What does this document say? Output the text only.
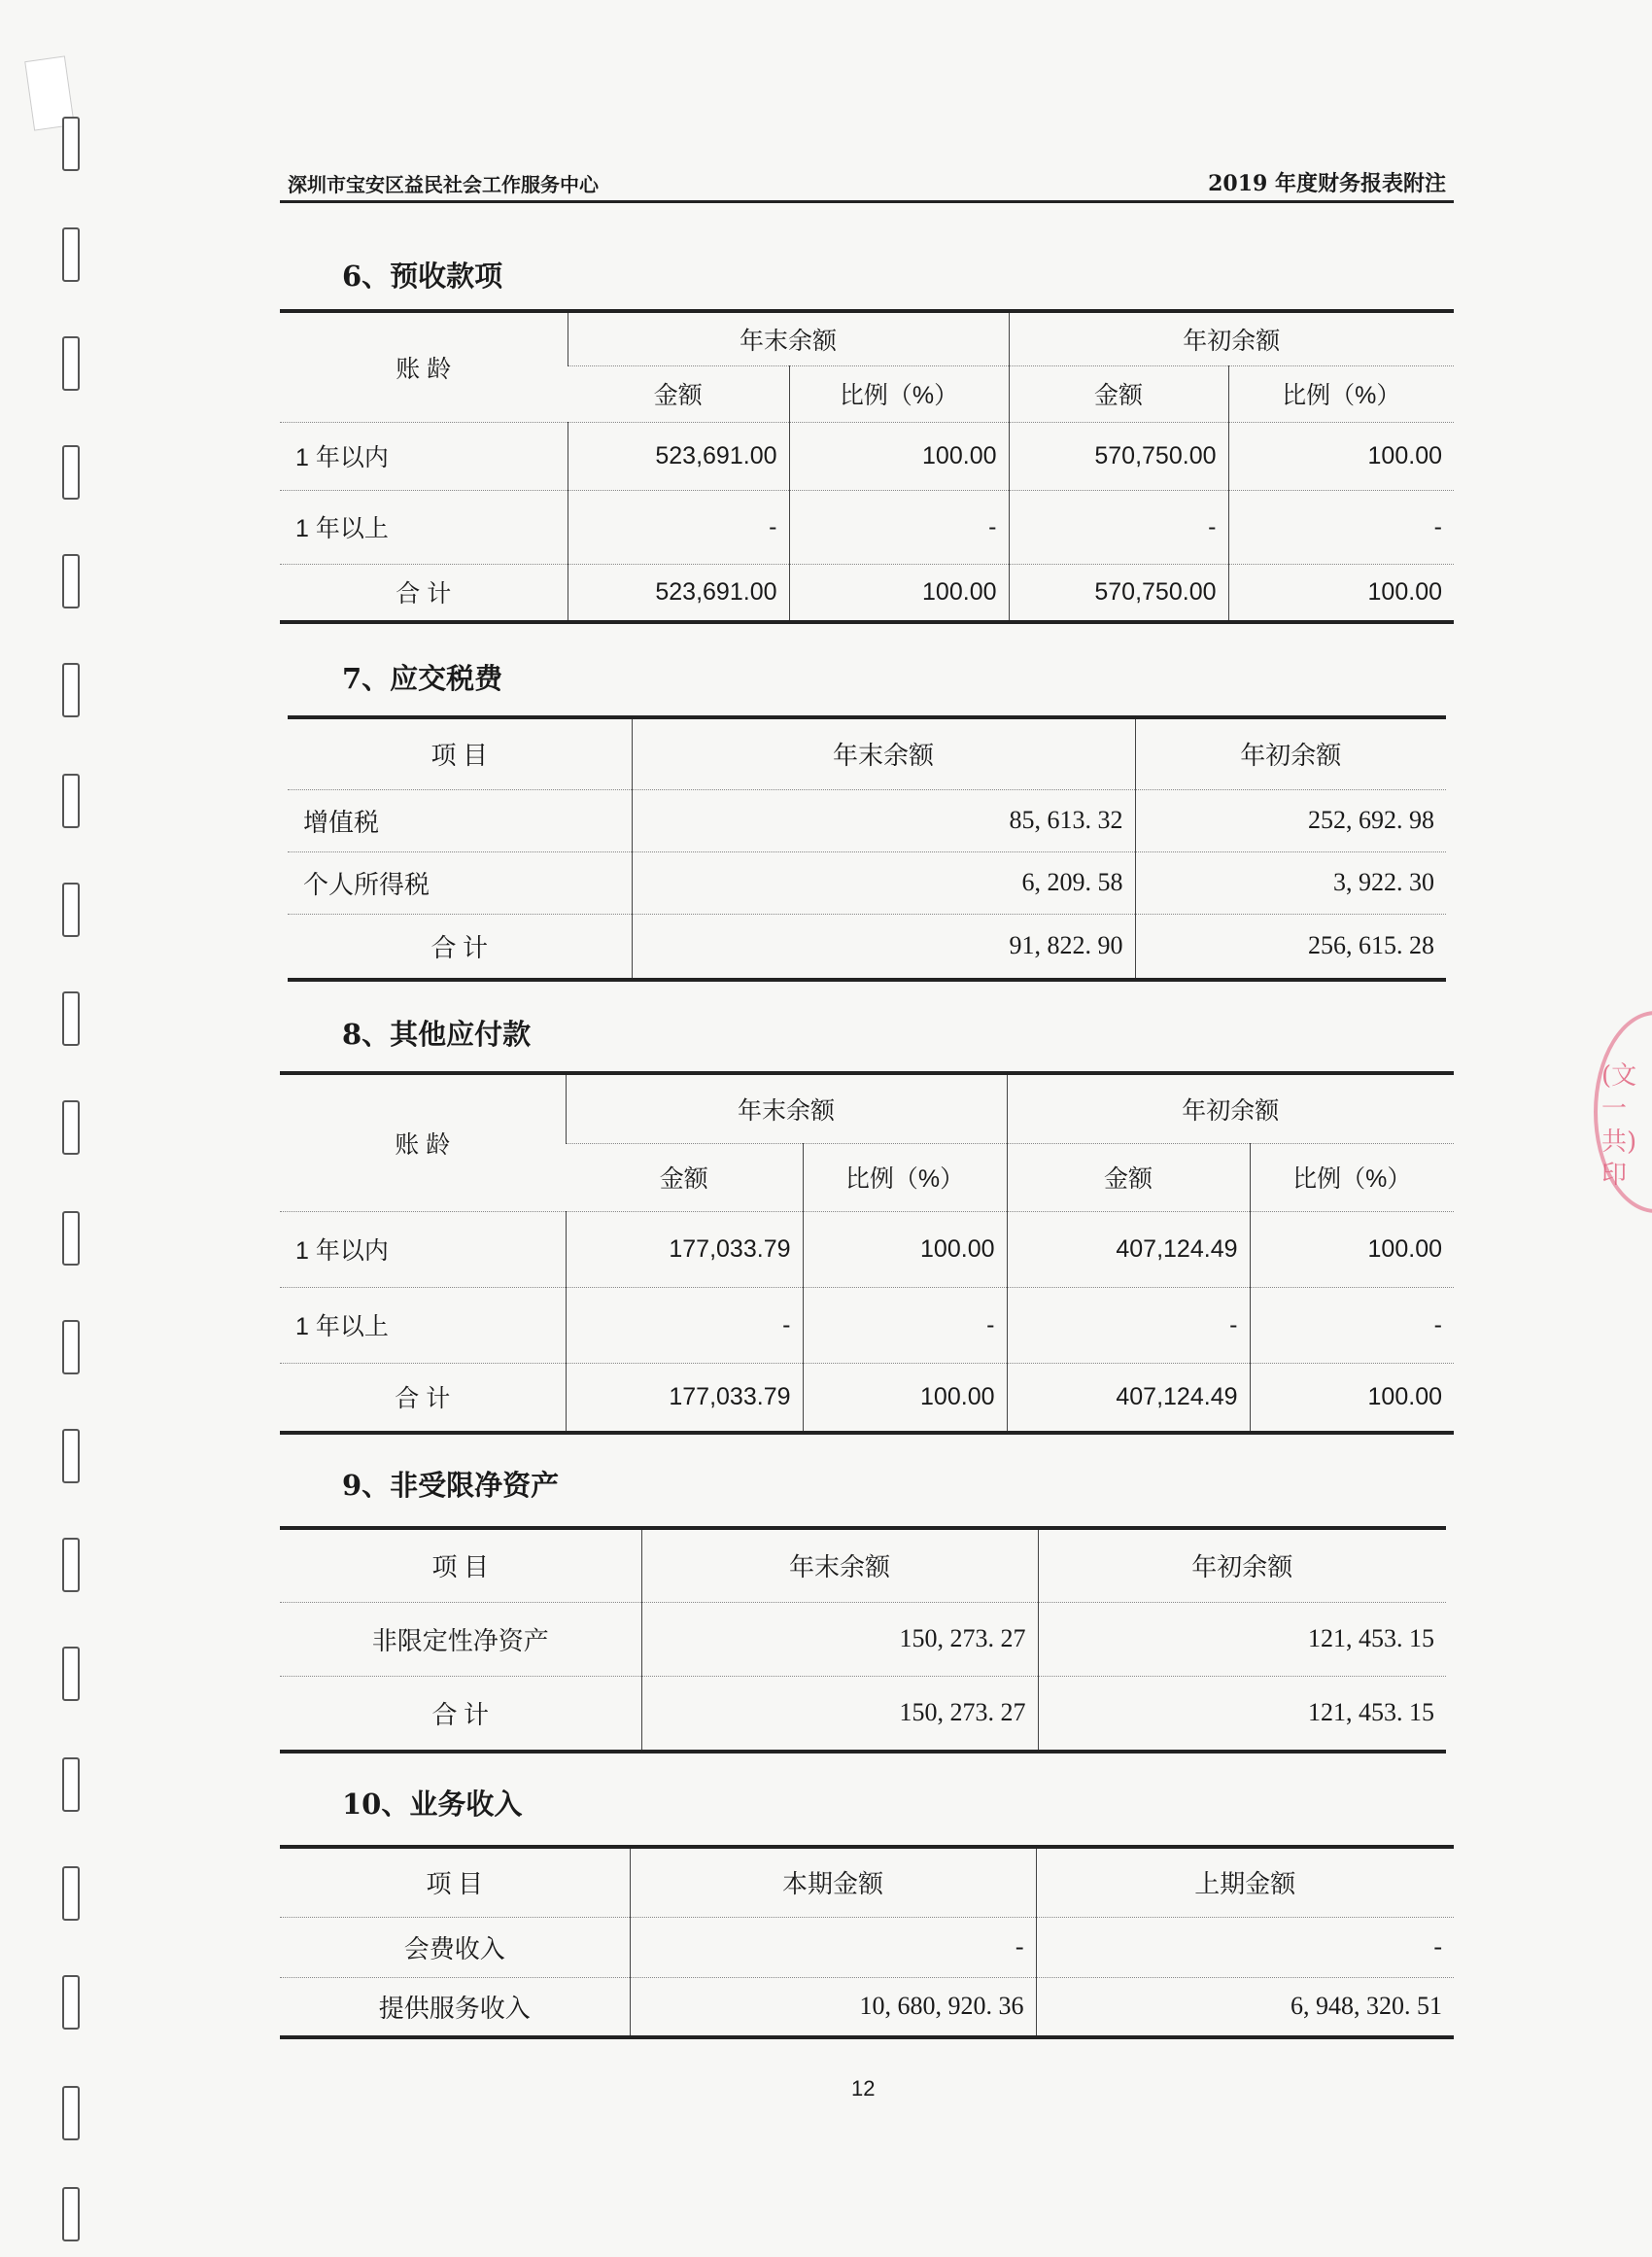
深圳市宝安区益民社会工作服务中心	2019 年度财务报表附注
6、预收款项
账 龄	年末余额		年初余额	
	金额	比例（%）	金额	比例（%）
1 年以内	523,691.00	100.00	570,750.00	100.00
1 年以上	-	-	-	-
合 计	523,691.00	100.00	570,750.00	100.00
7、应交税费
项 目	年末余额	年初余额
增值税	85, 613. 32	252, 692. 98
个人所得税	6, 209. 58	3, 922. 30
合 计	91, 822. 90	256, 615. 28
8、其他应付款
账 龄	年末余额		年初余额	
	金额	比例（%）	金额	比例（%）
1 年以内	177,033.79	100.00	407,124.49	100.00
1 年以上	-	-	-	-
合 计	177,033.79	100.00	407,124.49	100.00
9、非受限净资产
项 目	年末余额	年初余额
非限定性净资产	150, 273. 27	121, 453. 15
合 计	150, 273. 27	121, 453. 15
10、业务收入
项 目	本期金额	上期金额
会费收入	-	-
提供服务收入	10, 680, 920. 36	6, 948, 320. 51
12
(文一共) 印
